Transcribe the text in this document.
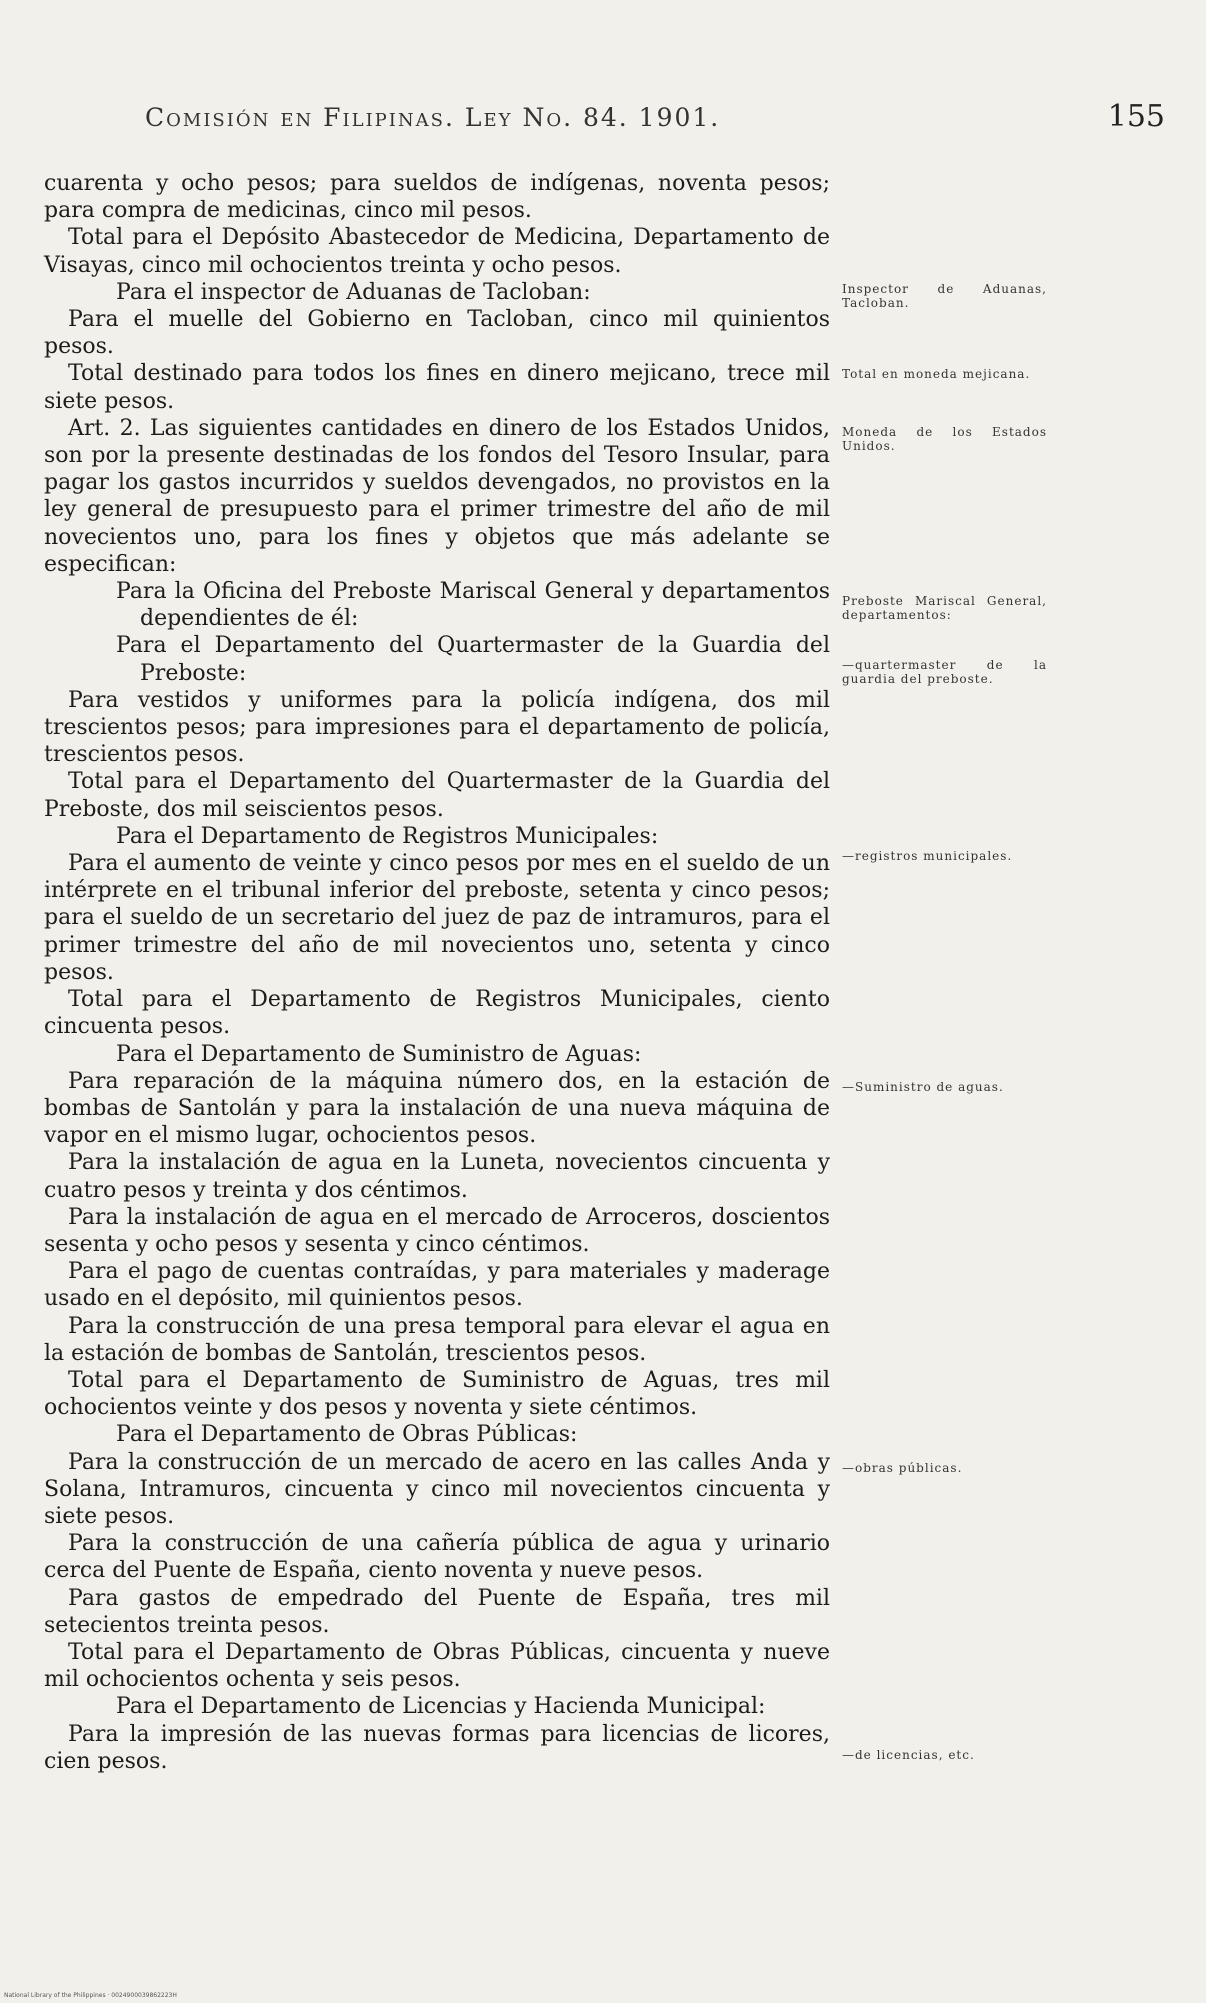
Comisión en Filipinas. Ley No. 84. 1901.	155

cuarenta y ocho pesos; para sueldos de indígenas, noventa pesos; para compra de medicinas, cinco mil pesos.

Total para el Depósito Abastecedor de Medicina, Departamento de Visayas, cinco mil ochocientos treinta y ocho pesos.

Para el inspector de Aduanas de Tacloban:

Para el muelle del Gobierno en Tacloban, cinco mil quinientos pesos.

Total destinado para todos los fines en dinero mejicano, trece mil siete pesos.

Art. 2. Las siguientes cantidades en dinero de los Estados Unidos, son por la presente destinadas de los fondos del Tesoro Insular, para pagar los gastos incurridos y sueldos devengados, no provistos en la ley general de presupuesto para el primer trimestre del año de mil novecientos uno, para los fines y objetos que más adelante se especifican:

Para la Oficina del Preboste Mariscal General y departamentos dependientes de él:

Para el Departamento del Quartermaster de la Guardia del Preboste:

Para vestidos y uniformes para la policía indígena, dos mil trescientos pesos; para impresiones para el departamento de policía, trescientos pesos.

Total para el Departamento del Quartermaster de la Guardia del Preboste, dos mil seiscientos pesos.

Para el Departamento de Registros Municipales:

Para el aumento de veinte y cinco pesos por mes en el sueldo de un intérprete en el tribunal inferior del preboste, setenta y cinco pesos; para el sueldo de un secretario del juez de paz de intramuros, para el primer trimestre del año de mil novecientos uno, setenta y cinco pesos.

Total para el Departamento de Registros Municipales, ciento cincuenta pesos.

Para el Departamento de Suministro de Aguas:

Para reparación de la máquina número dos, en la estación de bombas de Santolán y para la instalación de una nueva máquina de vapor en el mismo lugar, ochocientos pesos.

Para la instalación de agua en la Luneta, novecientos cincuenta y cuatro pesos y treinta y dos céntimos.

Para la instalación de agua en el mercado de Arroceros, doscientos sesenta y ocho pesos y sesenta y cinco céntimos.

Para el pago de cuentas contraídas, y para materiales y maderage usado en el depósito, mil quinientos pesos.

Para la construcción de una presa temporal para elevar el agua en la estación de bombas de Santolán, trescientos pesos.

Total para el Departamento de Suministro de Aguas, tres mil ochocientos veinte y dos pesos y noventa y siete céntimos.

Para el Departamento de Obras Públicas:

Para la construcción de un mercado de acero en las calles Anda y Solana, Intramuros, cincuenta y cinco mil novecientos cincuenta y siete pesos.

Para la construcción de una cañería pública de agua y urinario cerca del Puente de España, ciento noventa y nueve pesos.

Para gastos de empedrado del Puente de España, tres mil setecientos treinta pesos.

Total para el Departamento de Obras Públicas, cincuenta y nueve mil ochocientos ochenta y seis pesos.

Para el Departamento de Licencias y Hacienda Municipal:

Para la impresión de las nuevas formas para licencias de licores, cien pesos.

Inspector de Aduanas, Tacloban.
Total en moneda mejicana.
Moneda de los Estados Unidos.
Preboste Mariscal General, departamentos:
—quartermaster de la guardia del preboste.
—registros municipales.
—Suministro de aguas.
—obras públicas.
—de licencias, etc.
National Library of the Philippines · 0024900039862223H
